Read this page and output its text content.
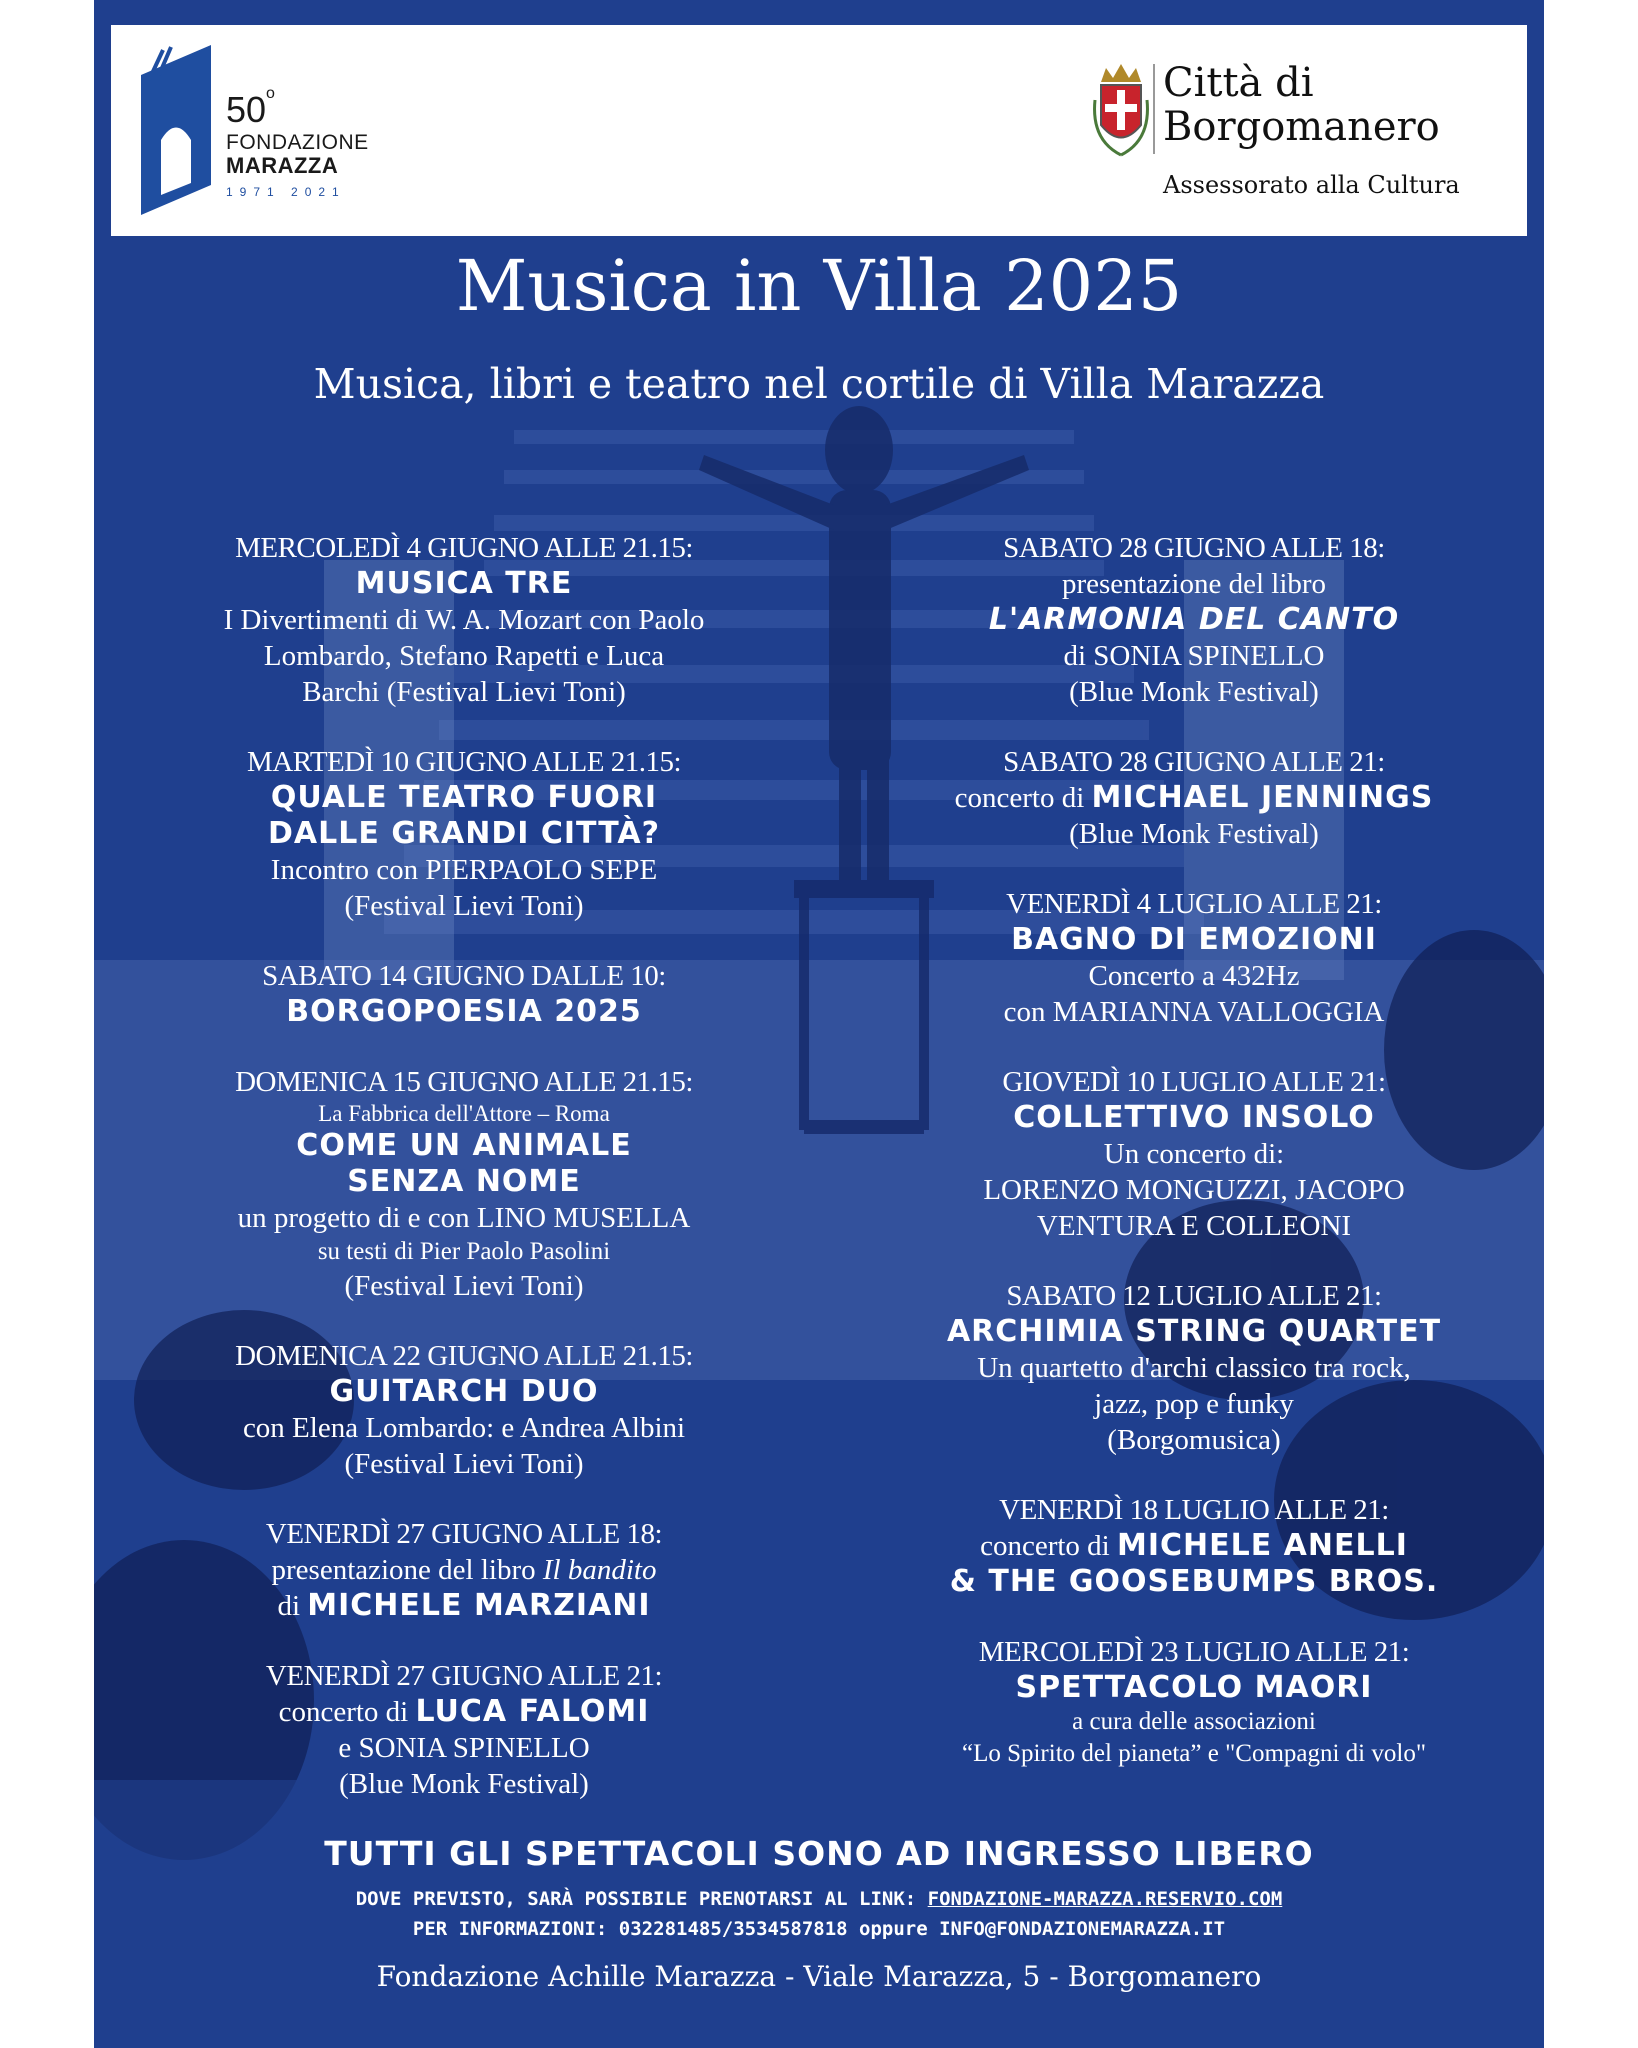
50$^o$
FONDAZIONE
MARAZZA
1971 2021
Città di
Borgomanero
Assessorato alla Cultura
Musica in Villa 2025
Musica, libri e teatro nel cortile di Villa Marazza
MERCOLEDÌ 4 GIUGNO ALLE 21.15:
MUSICA TRE
I Divertimenti di W. A. Mozart con Paolo
Lombardo, Stefano Rapetti e Luca
Barchi (Festival Lievi Toni)
MARTEDÌ 10 GIUGNO ALLE 21.15:
QUALE TEATRO FUORI
DALLE GRANDI CITTÀ?
Incontro con PIERPAOLO SEPE
(Festival Lievi Toni)
SABATO 14 GIUGNO DALLE 10:
BORGOPOESIA 2025
DOMENICA 15 GIUGNO ALLE 21.15:
La Fabbrica dell'Attore – Roma
COME UN ANIMALE
SENZA NOME
un progetto di e con LINO MUSELLA
su testi di Pier Paolo Pasolini
(Festival Lievi Toni)
DOMENICA 22 GIUGNO ALLE 21.15:
GUITARCH DUO
con Elena Lombardo: e Andrea Albini
(Festival Lievi Toni)
VENERDÌ 27 GIUGNO ALLE 18:
presentazione del libro Il bandito
di MICHELE MARZIANI
VENERDÌ 27 GIUGNO ALLE 21:
concerto di LUCA FALOMI
e SONIA SPINELLO
(Blue Monk Festival)
SABATO 28 GIUGNO ALLE 18:
presentazione del libro
L'ARMONIA DEL CANTO
di SONIA SPINELLO
(Blue Monk Festival)
SABATO 28 GIUGNO ALLE 21:
concerto di MICHAEL JENNINGS
(Blue Monk Festival)
VENERDÌ 4 LUGLIO ALLE 21:
BAGNO DI EMOZIONI
Concerto a 432Hz
con MARIANNA VALLOGGIA
GIOVEDÌ 10 LUGLIO ALLE 21:
COLLETTIVO INSOLO
Un concerto di:
LORENZO MONGUZZI, JACOPO
VENTURA E COLLEONI
SABATO 12 LUGLIO ALLE 21:
ARCHIMIA STRING QUARTET
Un quartetto d'archi classico tra rock,
jazz, pop e funky
(Borgomusica)
VENERDÌ 18 LUGLIO ALLE 21:
concerto di MICHELE ANELLI
& THE GOOSEBUMPS BROS.
MERCOLEDÌ 23 LUGLIO ALLE 21:
SPETTACOLO MAORI
a cura delle associazioni
“Lo Spirito del pianeta” e "Compagni di volo"
TUTTI GLI SPETTACOLI SONO AD INGRESSO LIBERO
DOVE PREVISTO, SARÀ POSSIBILE PRENOTARSI AL LINK: FONDAZIONE-MARAZZA.RESERVIO.COM
PER INFORMAZIONI: 032281485/3534587818 oppure INFO@FONDAZIONEMARAZZA.IT
Fondazione Achille Marazza - Viale Marazza, 5 - Borgomanero
